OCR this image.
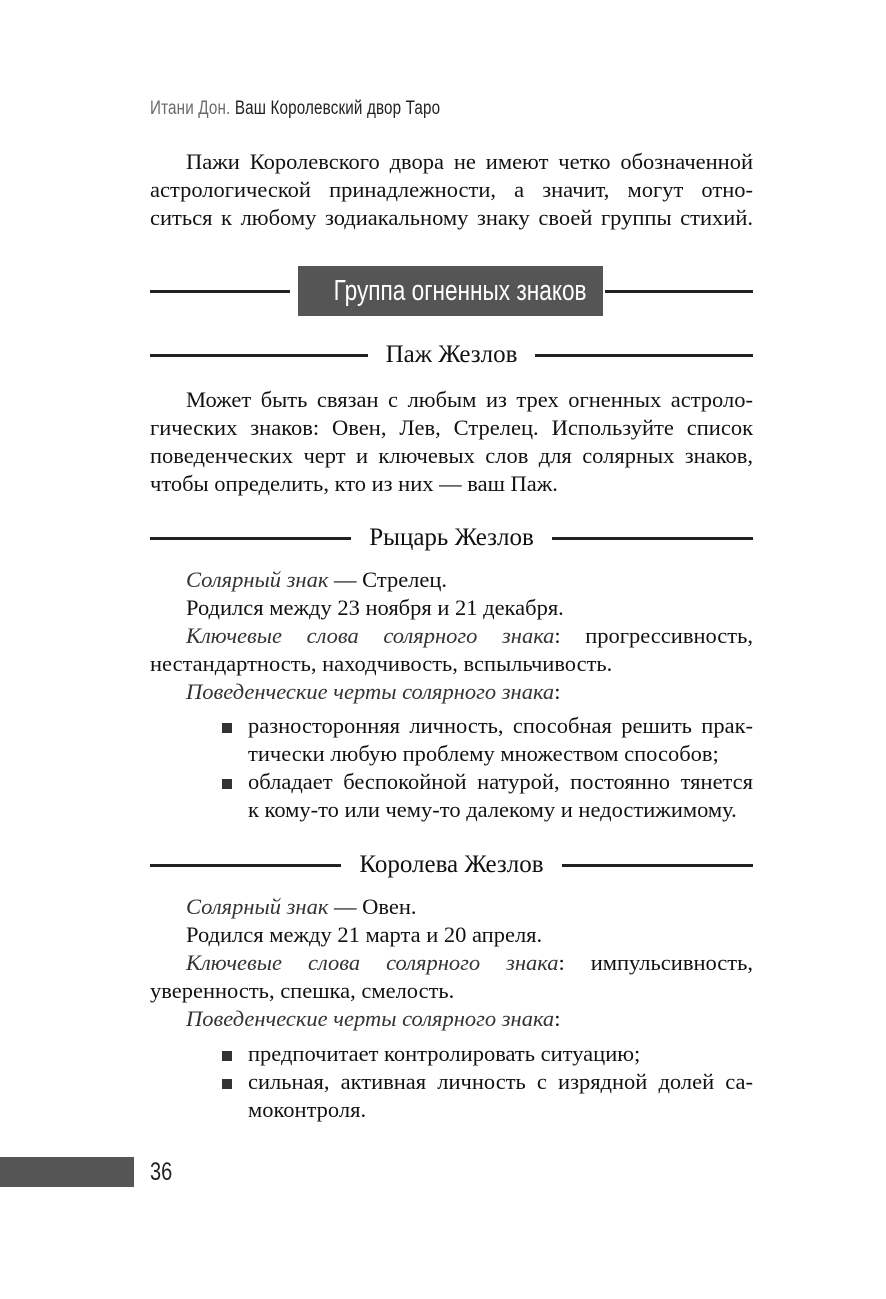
Итани Дон. Ваш Королевский двор Таро
Пажи Королевского двора не имеют четко обозначенной
астрологической принадлежности, а значит, могут отно-
ситься к любому зодиакальному знаку своей группы стихий.
Группа огненных знаков
Паж Жезлов
Может быть связан с любым из трех огненных астроло-
гических знаков: Овен, Лев, Стрелец. Используйте список
поведенческих черт и ключевых слов для солярных знаков,
чтобы определить, кто из них — ваш Паж.
Рыцарь Жезлов
Солярный знак — Стрелец.
Родился между 23 ноября и 21 декабря.
Ключевые слова солярного знака: прогрессивность,
нестандартность, находчивость, вспыльчивость.
Поведенческие черты солярного знака:
разносторонняя личность, способная решить прак-
тически любую проблему множеством способов;
обладает беспокойной натурой, постоянно тянется
к кому-то или чему-то далекому и недостижимому.
Королева Жезлов
Солярный знак — Овен.
Родился между 21 марта и 20 апреля.
Ключевые слова солярного знака: импульсивность,
уверенность, спешка, смелость.
Поведенческие черты солярного знака:
предпочитает контролировать ситуацию;
сильная, активная личность с изрядной долей са-
моконтроля.
36
